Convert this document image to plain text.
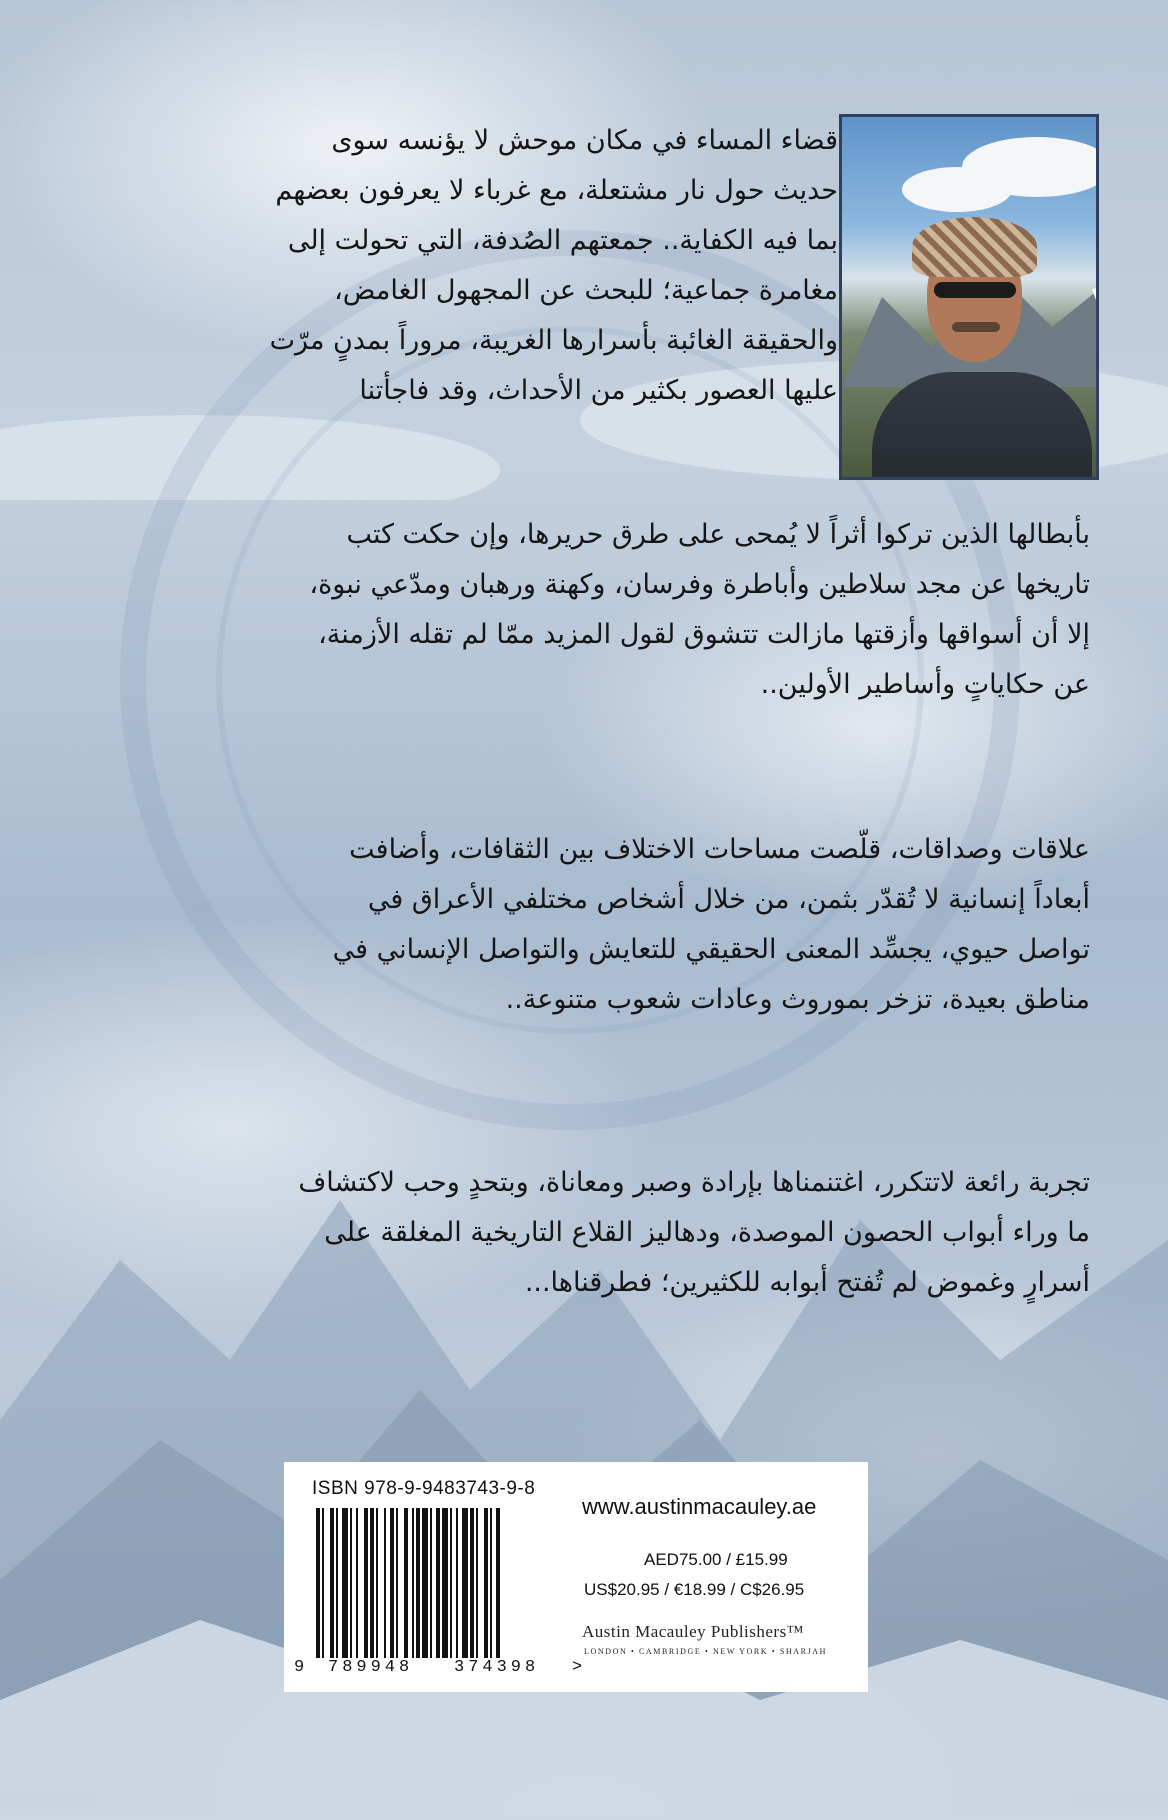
قضاء المساء في مكان موحش لا يؤنسه سوى
حديث حول نار مشتعلة، مع غرباء لا يعرفون بعضهم
بما فيه الكفاية.. جمعتهم الصُدفة، التي تحولت إلى
مغامرة جماعية؛ للبحث عن المجهول الغامض،
والحقيقة الغائبة بأسرارها الغريبة، مروراً بمدنٍ مرّت
عليها العصور بكثير من الأحداث، وقد فاجأتنا
بأبطالها الذين تركوا أثراً لا يُمحى على طرق حريرها، وإن حكت كتب
تاريخها عن مجد سلاطين وأباطرة وفرسان، وكهنة ورهبان ومدّعي نبوة،
إلا أن أسواقها وأزقتها مازالت تتشوق لقول المزيد ممّا لم تقله الأزمنة،
عن حكاياتٍ وأساطير الأولين..
علاقات وصداقات، قلّصت مساحات الاختلاف بين الثقافات، وأضافت
أبعاداً إنسانية لا تُقدّر بثمن، من خلال أشخاص مختلفي الأعراق في
تواصل حيوي، يجسِّد المعنى الحقيقي للتعايش والتواصل الإنساني في
مناطق بعيدة، تزخر بموروث وعادات شعوب متنوعة..
تجربة رائعة لاتتكرر، اغتنمناها بإرادة وصبر ومعاناة، وبتحدٍ وحب لاكتشاف
ما وراء أبواب الحصون الموصدة، ودهاليز القلاع التاريخية المغلقة على
أسرارٍ وغموض لم تُفتح أبوابه للكثيرين؛ فطرقناها...
ISBN 978-9-9483743-9-8
9 789948 374398 >
www.austinmacauley.ae
AED75.00 / £15.99
US$20.95 / €18.99 / C$26.95
Austin Macauley Publishers™
LONDON • CAMBRIDGE • NEW YORK • SHARJAH
